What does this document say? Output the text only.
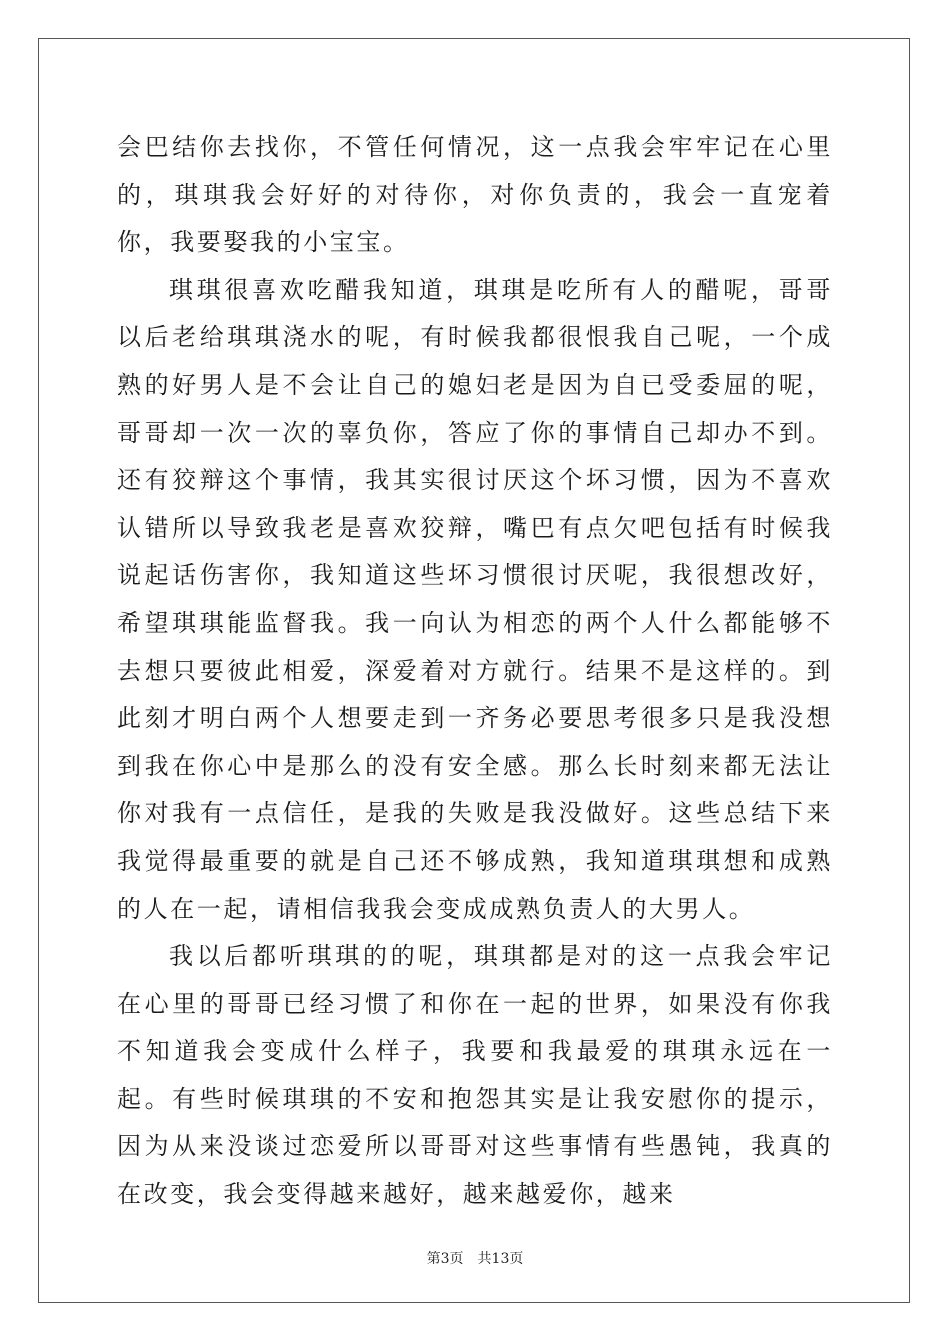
会巴结你去找你，不管任何情况，这一点我会牢牢记在心里的，琪琪我会好好的对待你，对你负责的，我会一直宠着你，我要娶我的小宝宝。

琪琪很喜欢吃醋我知道，琪琪是吃所有人的醋呢，哥哥以后老给琪琪浇水的呢，有时候我都很恨我自己呢，一个成熟的好男人是不会让自己的媳妇老是因为自已受委屈的呢，哥哥却一次一次的辜负你，答应了你的事情自己却办不到。还有狡辩这个事情，我其实很讨厌这个坏习惯，因为不喜欢认错所以导致我老是喜欢狡辩，嘴巴有点欠吧包括有时候我说起话伤害你，我知道这些坏习惯很讨厌呢，我很想改好，希望琪琪能监督我。我一向认为相恋的两个人什么都能够不去想只要彼此相爱，深爱着对方就行。结果不是这样的。到此刻才明白两个人想要走到一齐务必要思考很多只是我没想到我在你心中是那么的没有安全感。那么长时刻来都无法让你对我有一点信任，是我的失败是我没做好。这些总结下来我觉得最重要的就是自己还不够成熟，我知道琪琪想和成熟的人在一起，请相信我我会变成成熟负责人的大男人。

我以后都听琪琪的的呢，琪琪都是对的这一点我会牢记在心里的哥哥已经习惯了和你在一起的世界，如果没有你我不知道我会变成什么样子，我要和我最爱的琪琪永远在一起。有些时候琪琪的不安和抱怨其实是让我安慰你的提示，因为从来没谈过恋爱所以哥哥对这些事情有些愚钝，我真的在改变，我会变得越来越好，越来越爱你，越来

第3页 共13页
